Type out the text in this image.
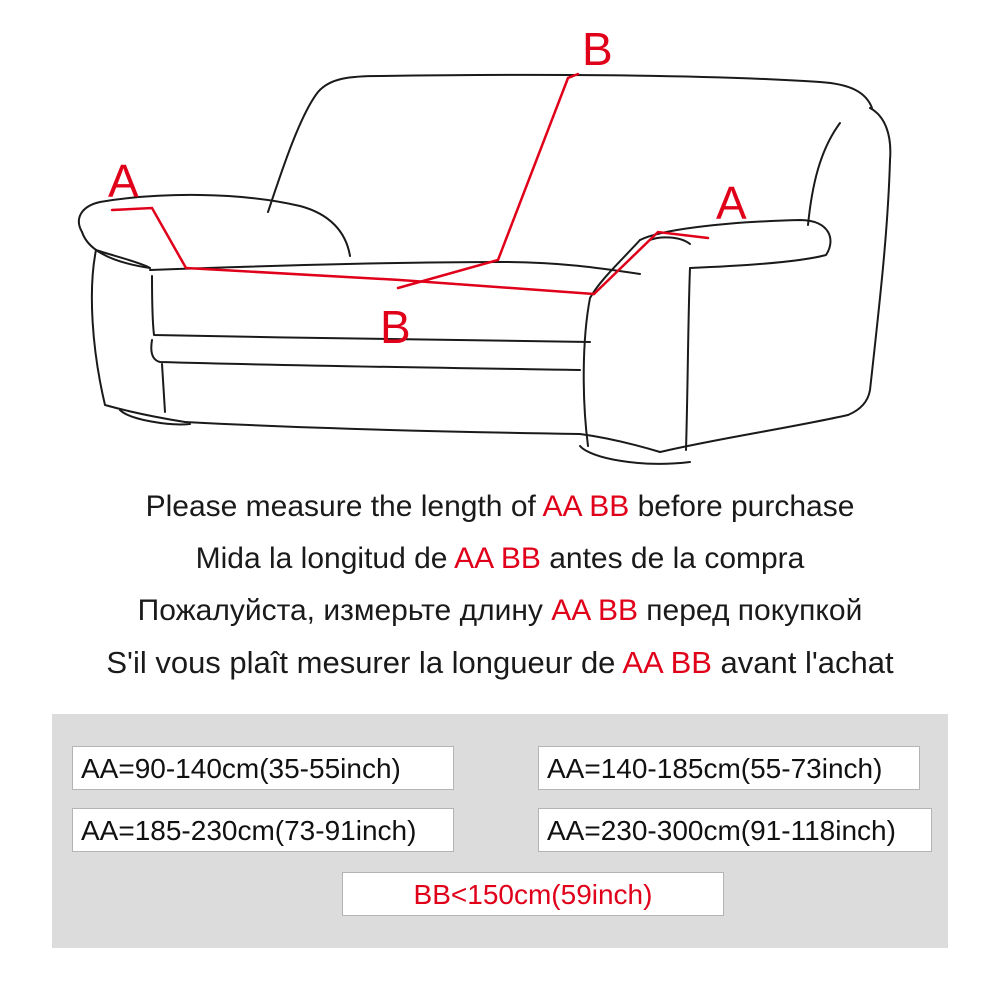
A	A
B
B
Please measure the length of AA BB before purchase
Mida la longitud de AA BB antes de la compra
Пожалуйста, измерьте длину AA BB перед покупкой
S'il vous plaît mesurer la longueur de AA BB avant l'achat
AA=90-140cm(35-55inch)	AA=140-185cm(55-73inch)
AA=185-230cm(73-91inch)	AA=230-300cm(91-118inch)
BB<150cm(59inch)
